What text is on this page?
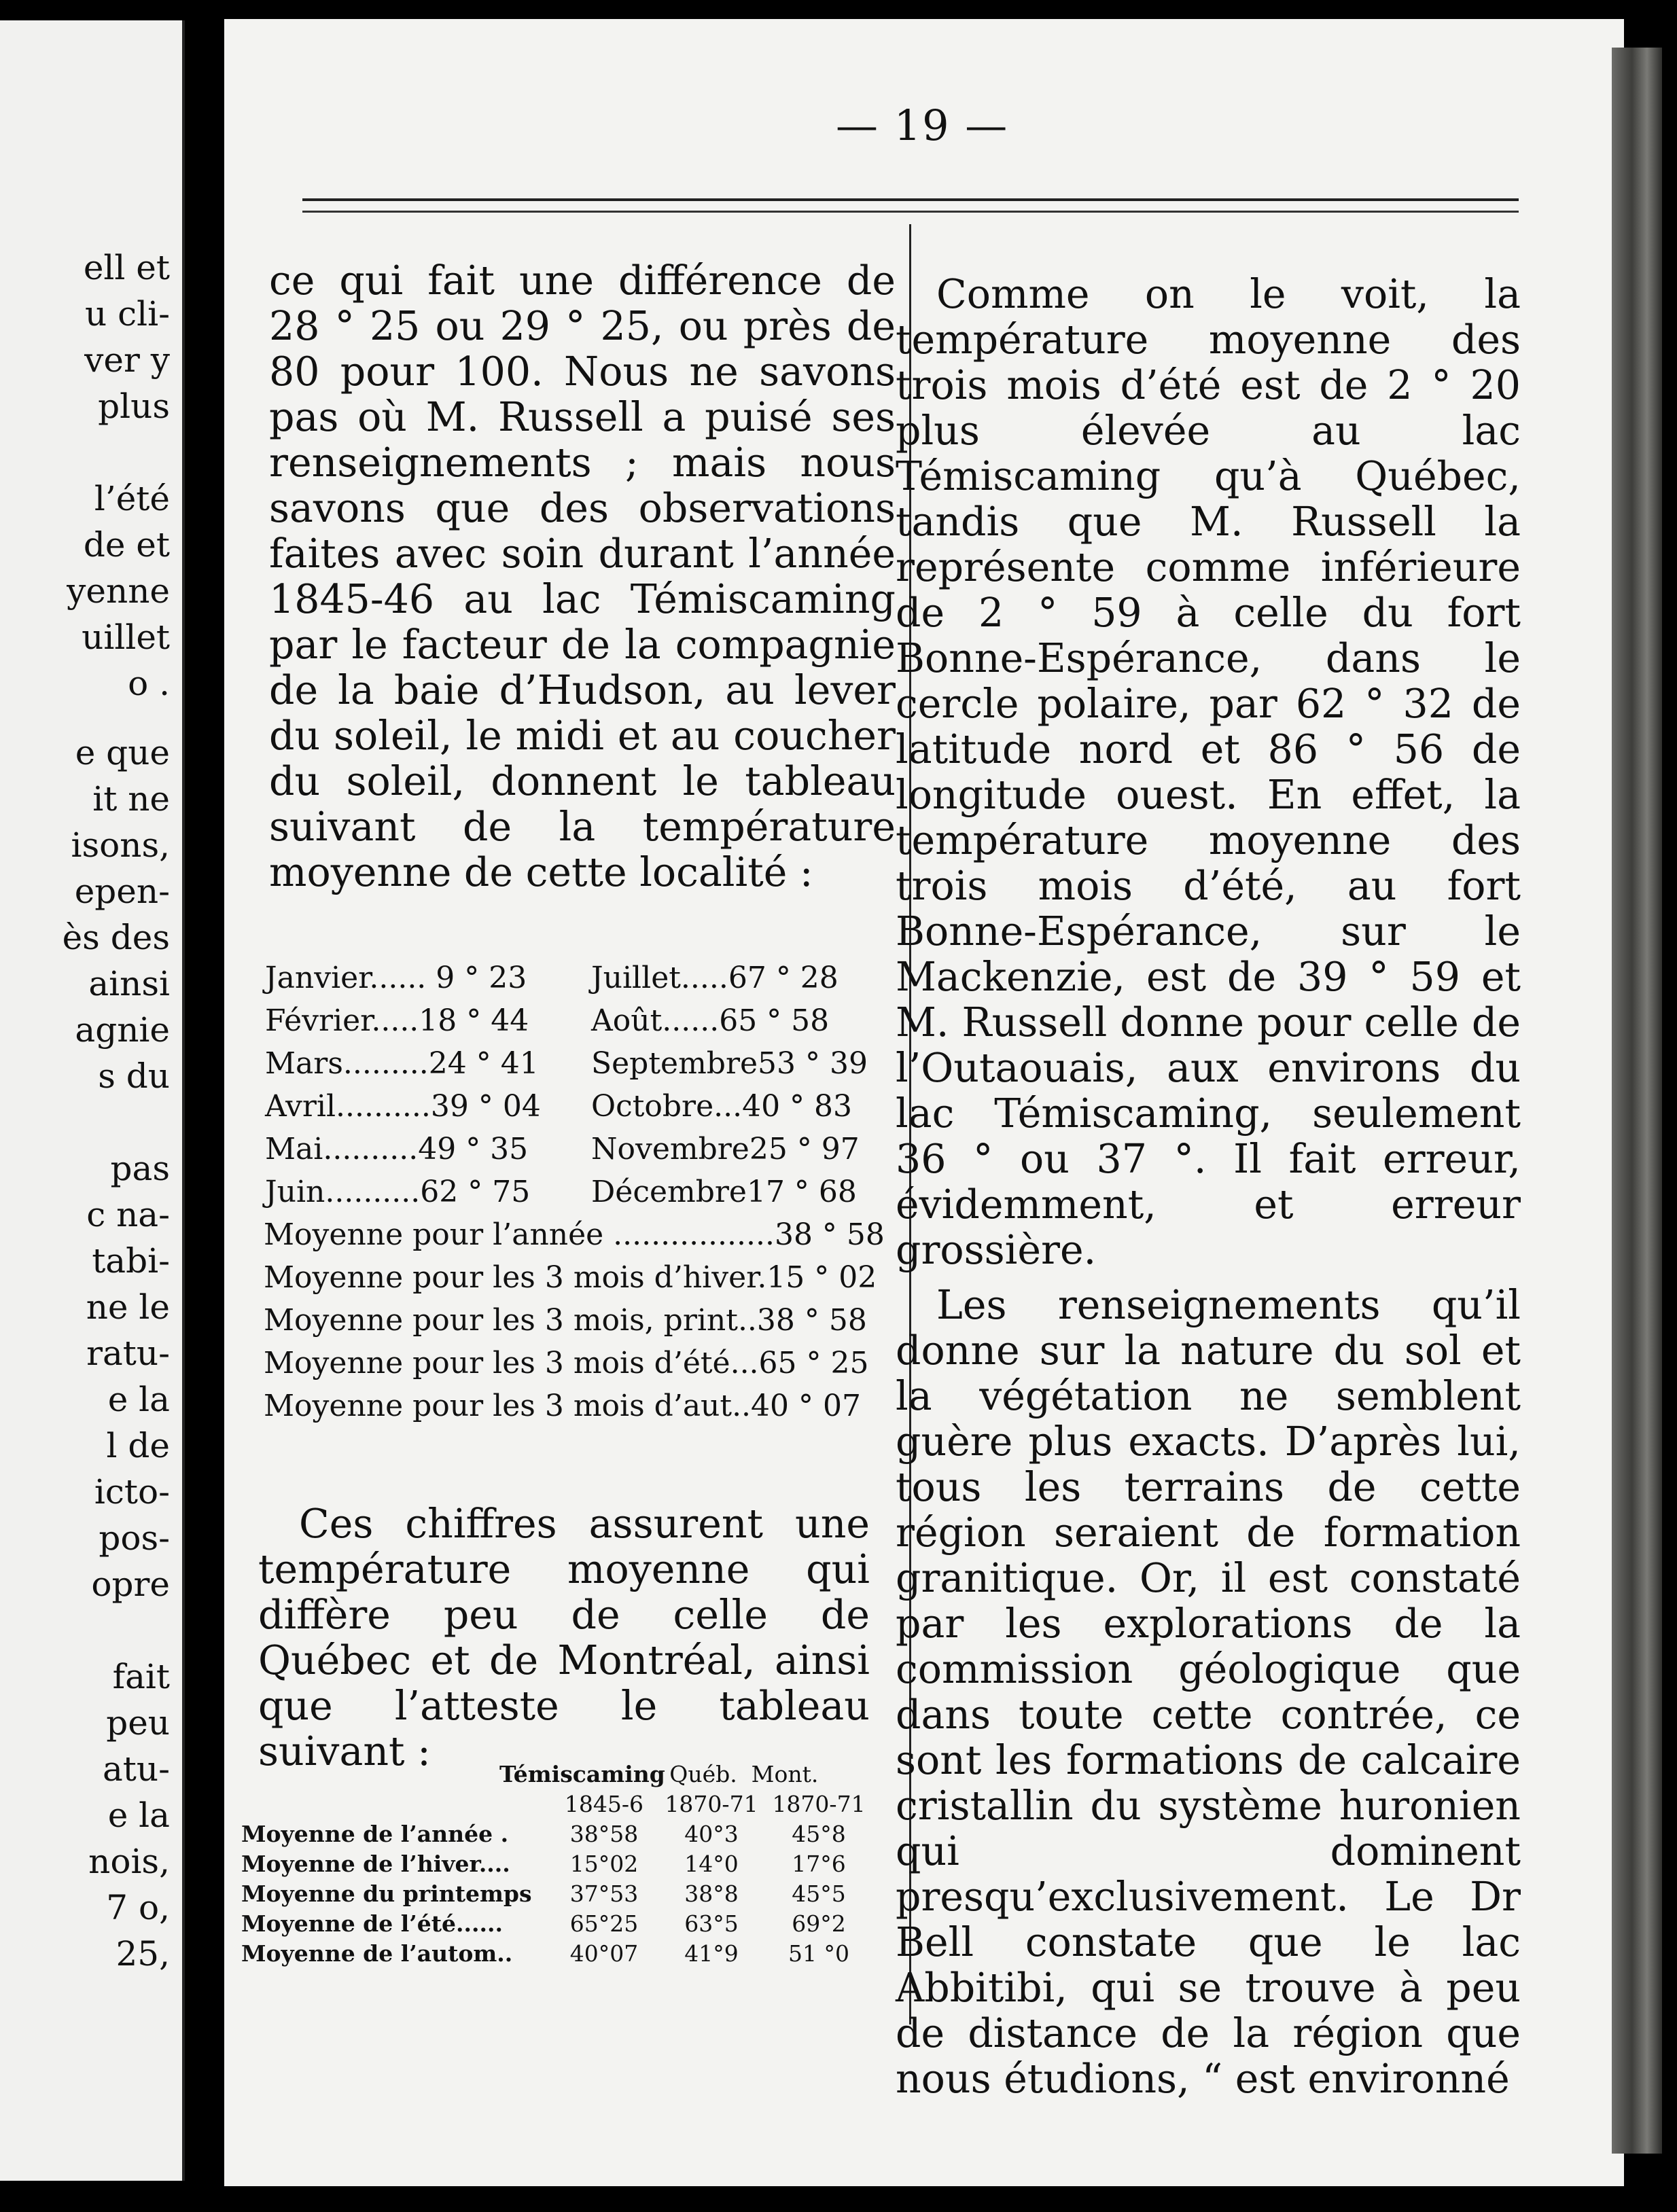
ell et
u cli-
ver y
plus
l’été
de et
yenne
uillet
o .
e que
it ne
isons,
epen-
ès des
ainsi
agnie
s du
pas
c na-
tabi-
ne le
ratu-
e la
l de
icto-
pos-
opre
fait
peu
atu-
e la
nois,
7 o,
25,
— 19 —

ce qui fait une différence de 28 ° 25 ou 29 ° 25, ou près de 80 pour 100. Nous ne savons pas où M. Russell a puisé ses renseignements ; mais nous savons que des observations faites avec soin durant l’année 1845-46 au lac Témiscaming par le facteur de la compagnie de la baie d’Hudson, au lever du soleil, le midi et au coucher du soleil, donnent le tableau suivant de la température moyenne de cette localité :

Janvier...... 9 ° 23	Juillet.....67 ° 28
Février.....18 ° 44	Août......65 ° 58
Mars.........24 ° 41	Septembre53 ° 39
Avril..........39 ° 04	Octobre...40 ° 83
Mai..........49 ° 35	Novembre25 ° 97
Juin..........62 ° 75	Décembre17 ° 68
Moyenne pour l’année .................38 ° 58
Moyenne pour les 3 mois d’hiver.15 ° 02
Moyenne pour les 3 mois, print..38 ° 58
Moyenne pour les 3 mois d’été...65 ° 25
Moyenne pour les 3 mois d’aut..40 ° 07

Ces chiffres assurent une température moyenne qui diffère peu de celle de Québec et de Montréal, ainsi que l’atteste le tableau suivant :	Témiscaming Québ. Mont.
1845-6 1870-71 1870-71
Moyenne de l’année .	38°58	40°3	45°8
Moyenne de l’hiver....	15°02	14°0	17°6
Moyenne du printemps	37°53	38°8	45°5
Moyenne de l’été......	65°25	63°5	69°2
Moyenne de l’autom..	40°07	41°9	51 °0

Comme on le voit, la température moyenne des trois mois d’été est de 2 ° 20 plus élevée au lac Témiscaming qu’à Québec, tandis que M. Russell la représente comme inférieure de 2 ° 59 à celle du fort Bonne-Espérance, dans le cercle polaire, par 62 ° 32 de latitude nord et 86 ° 56 de longitude ouest. En effet, la température moyenne des trois mois d’été, au fort Bonne-Espérance, sur le Mackenzie, est de 39 ° 59 et M. Russell donne pour celle de l’Outaouais, aux environs du lac Témiscaming, seulement 36 ° ou 37 °. Il fait erreur, évidemment, et erreur grossière.

Les renseignements qu’il donne sur la nature du sol et la végétation ne semblent guère plus exacts. D’après lui, tous les terrains de cette région seraient de formation granitique. Or, il est constaté par les explorations de la commission géologique que dans toute cette contrée, ce sont les formations de calcaire cristallin du système huronien qui dominent presqu’exclusivement. Le Dr Bell constate que le lac Abbitibi, qui se trouve à peu de distance de la région que nous étudions, “ est environné
